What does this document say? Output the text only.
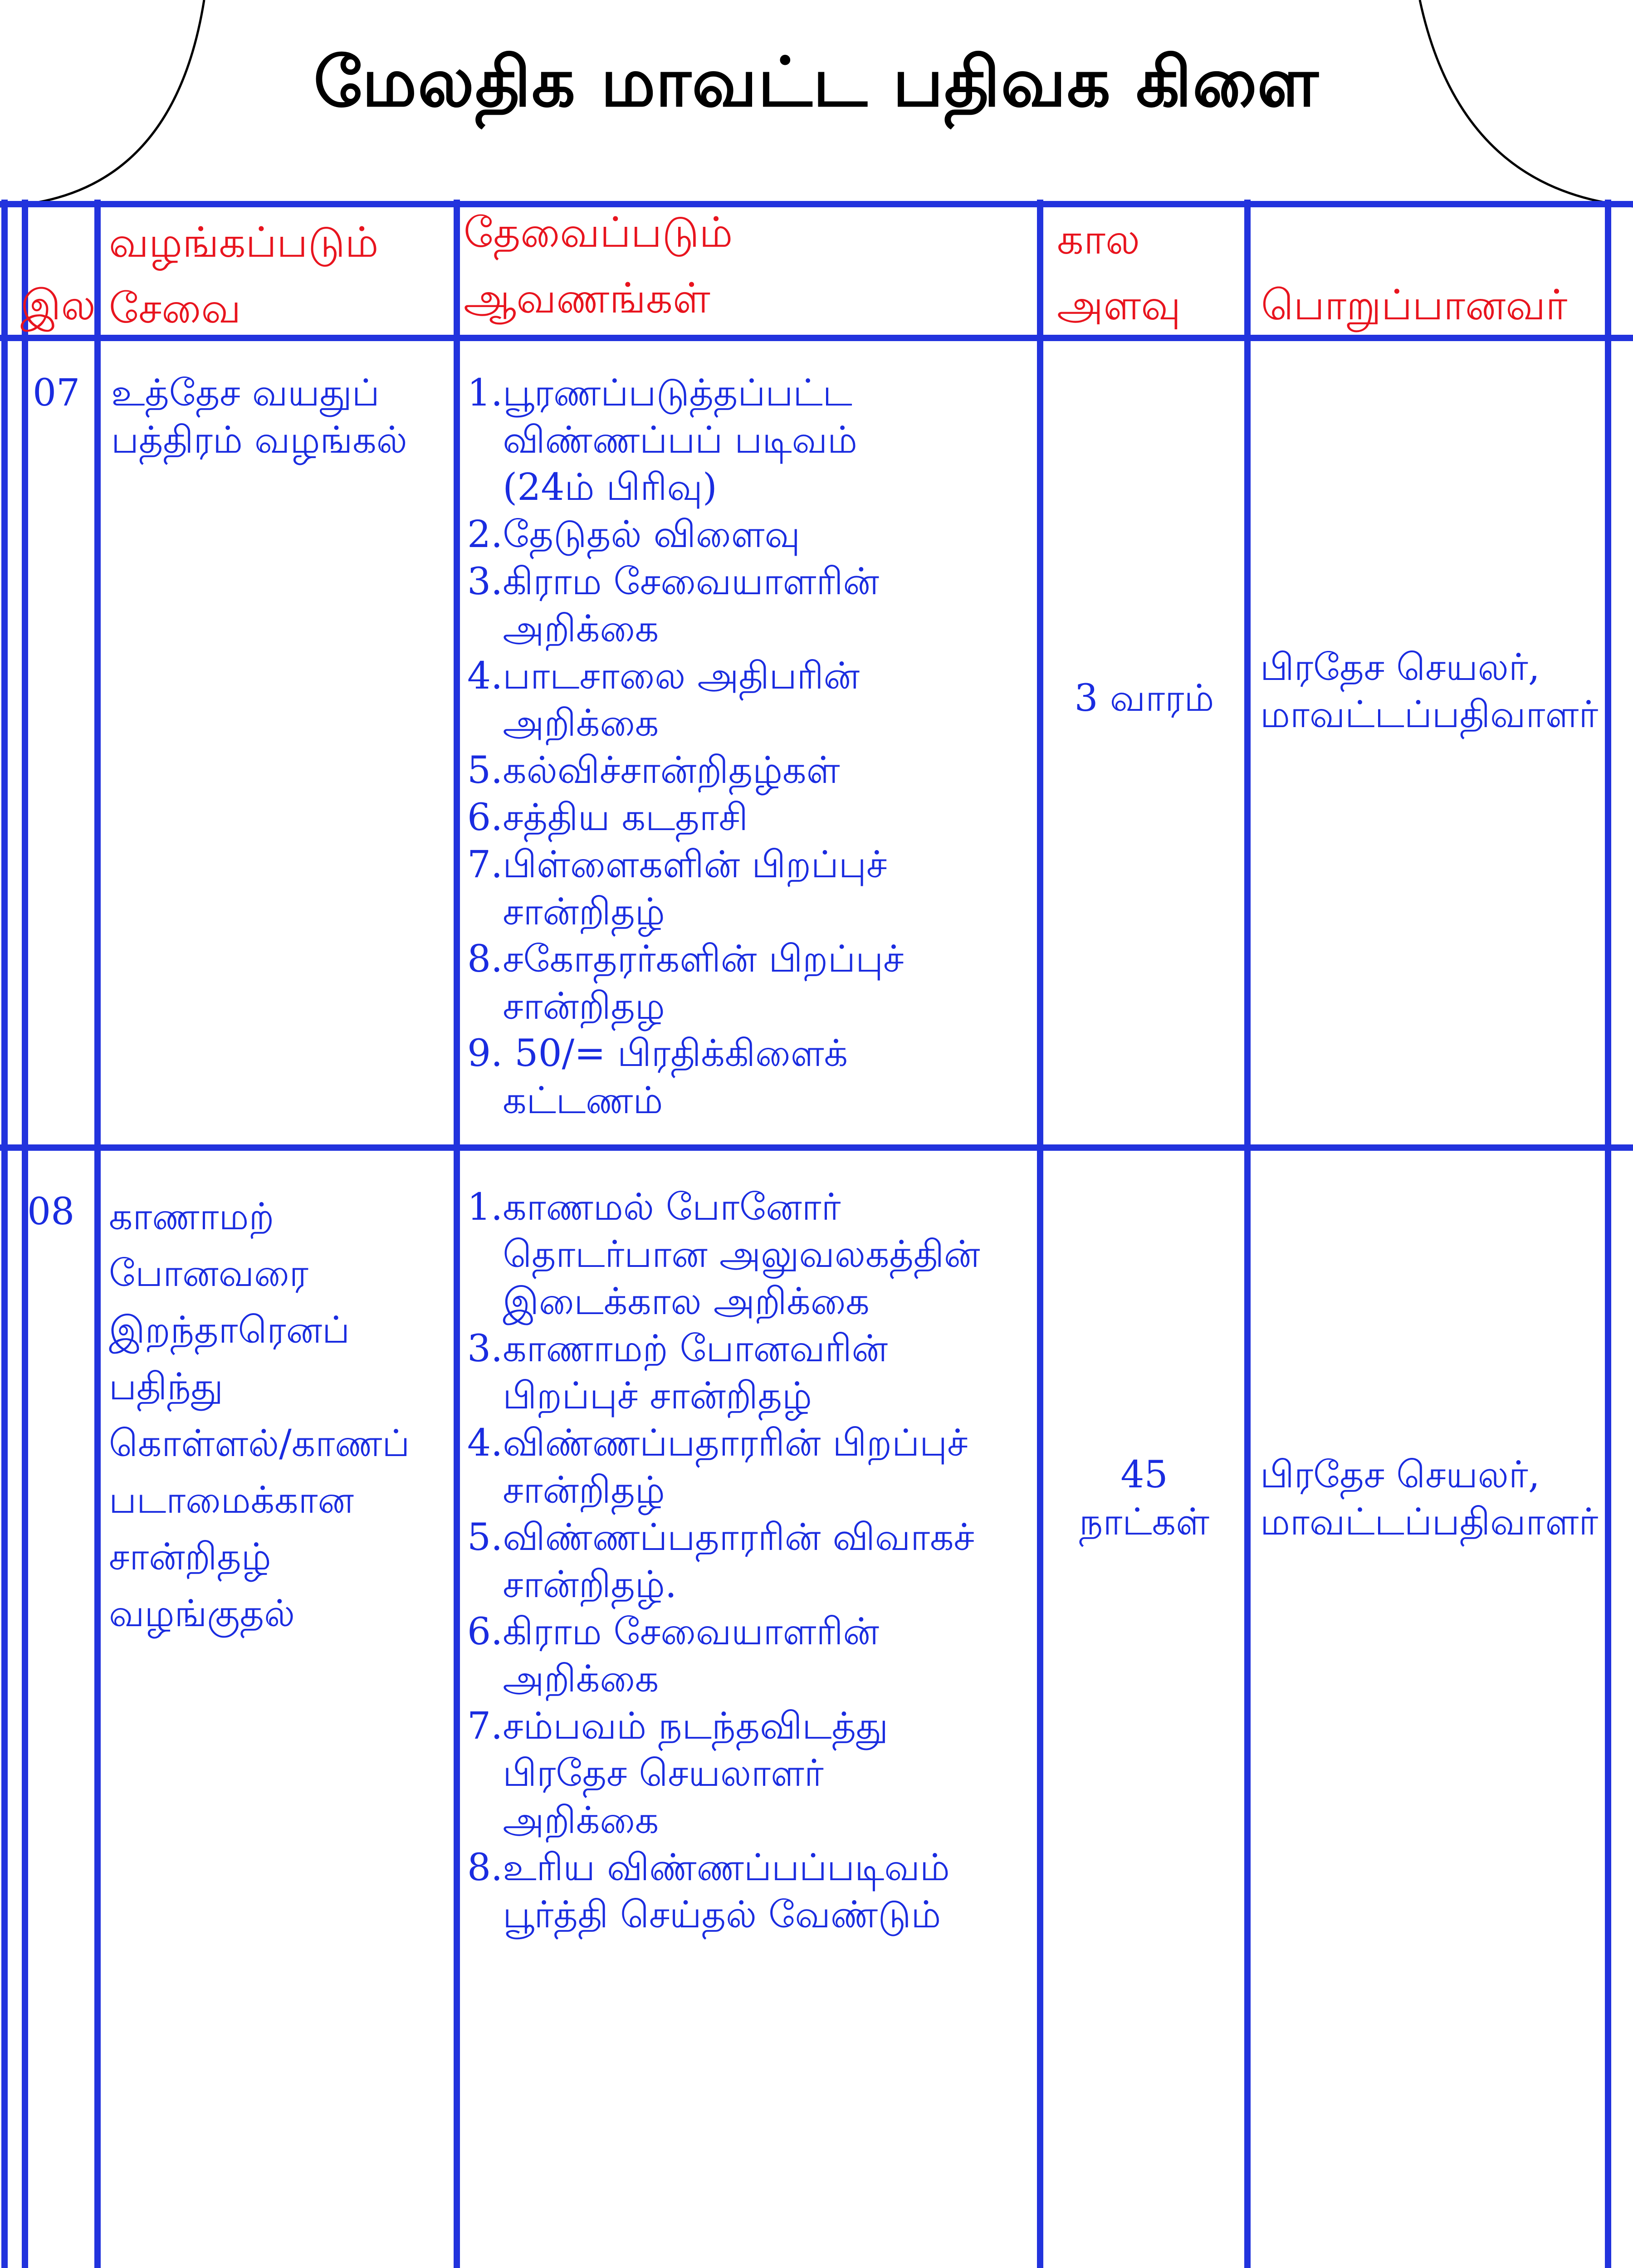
மேலதிக மாவட்ட பதிவக கிளை
இல
வழங்கப்படும்
சேவை
தேவைப்படும்
ஆவணங்கள்
கால
அளவு பொறுப்பானவர்
07 உத்தேச வயதுப்
பத்திரம் வழங்கல்
1.பூரணப்படுத்தப்பட்ட
விண்ணப்பப் படிவம்
(24ம் பிரிவு)
2.தேடுதல் விளைவு
3.கிராம சேவையாளரின்
அறிக்கை
4.பாடசாலை அதிபரின்
அறிக்கை
5.கல்விச்சான்றிதழ்கள்
6.சத்திய கடதாசி
7.பிள்ளைகளின் பிறப்புச்
சான்றிதழ்
8.சகோதரர்களின் பிறப்புச்
சான்றிதழ
9. 50/= பிரதிக்கிளைக்
கட்டணம்
3 வாரம்
பிரதேச செயலர்,
மாவட்டப்பதிவாளர்
08 காணாமற்
போனவரை
இறந்தாரெனப்
பதிந்து
கொள்ளல்/காணப்
படாமைக்கான
சான்றிதழ்
வழங்குதல்
1.காணமல் போனோர்
தொடர்பான அலுவலகத்தின்
இடைக்கால அறிக்கை
3.காணாமற் போனவரின்
பிறப்புச் சான்றிதழ்
4.விண்ணப்பதாரரின் பிறப்புச்
சான்றிதழ்
5.விண்ணப்பதாரரின் விவாகச்
சான்றிதழ்.
6.கிராம சேவையாளரின்
அறிக்கை
7.சம்பவம் நடந்தவிடத்து
பிரதேச செயலாளர்
அறிக்கை
8.உரிய விண்ணப்பப்படிவம்
பூர்த்தி செய்தல் வேண்டும்
45
நாட்கள்
பிரதேச செயலர்,
மாவட்டப்பதிவாளர்
